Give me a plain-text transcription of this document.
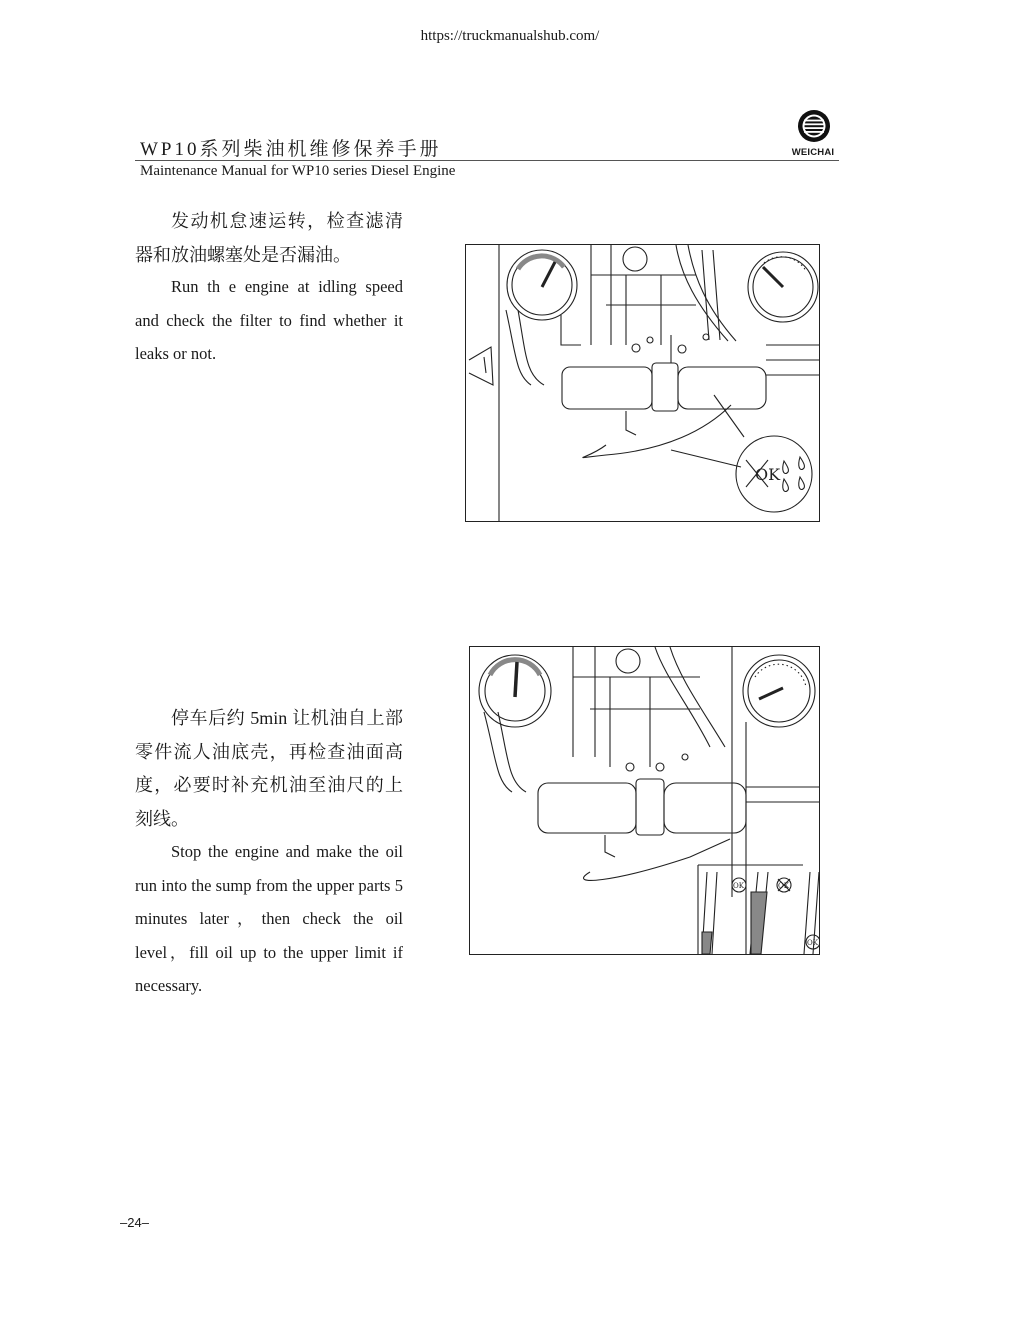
https://truckmanualshub.com/
WP10系列柴油机维修保养手册
Maintenance Manual for WP10 series Diesel Engine
WEICHAI
发动机怠速运转，检查滤清器和放油螺塞处是否漏油。
Run th e engine at idling speed and check the filter to find whether it leaks or not.
OK
停车后约 5min 让机油自上部零件流人油底壳，再检查油面高度，必要时补充机油至油尺的上刻线。
Stop the engine and make the oil run into the sump from the upper parts 5 minutes later，then check the oil level，fill oil up to the upper limit if necessary.
OK	OK
OK
–24–
